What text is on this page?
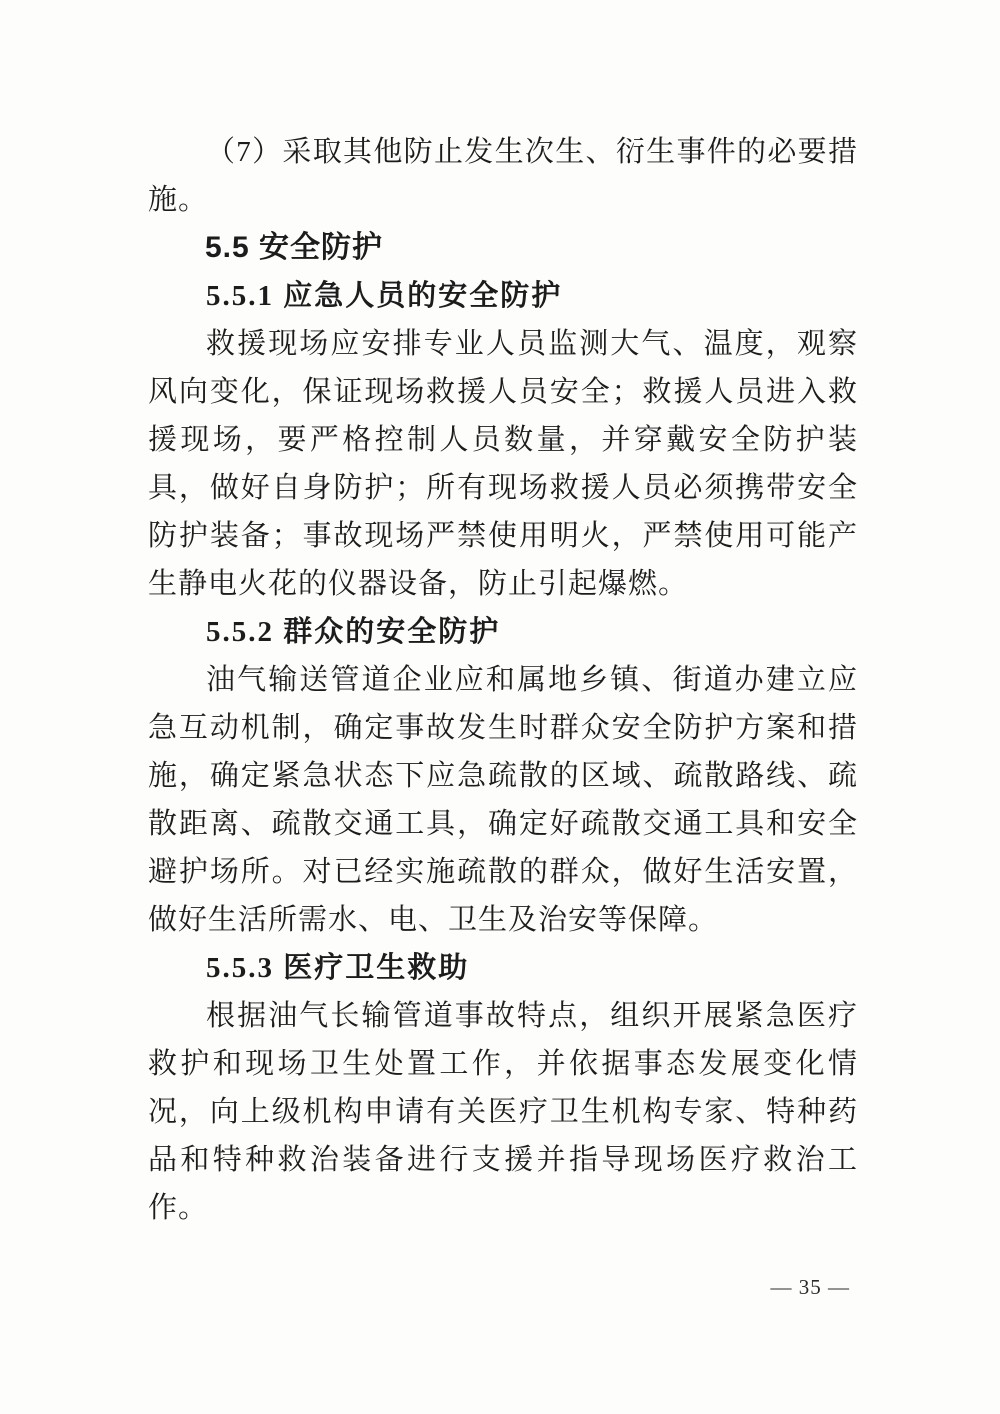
（7）采取其他防止发生次生、衍生事件的必要措施。

5.5 安全防护
5.5.1 应急人员的安全防护

救援现场应安排专业人员监测大气、温度，观察风向变化，保证现场救援人员安全；救援人员进入救援现场，要严格控制人员数量，并穿戴安全防护装具，做好自身防护；所有现场救援人员必须携带安全防护装备；事故现场严禁使用明火，严禁使用可能产生静电火花的仪器设备，防止引起爆燃。

5.5.2 群众的安全防护

油气输送管道企业应和属地乡镇、街道办建立应急互动机制，确定事故发生时群众安全防护方案和措施，确定紧急状态下应急疏散的区域、疏散路线、疏散距离、疏散交通工具，确定好疏散交通工具和安全避护场所。对已经实施疏散的群众，做好生活安置，做好生活所需水、电、卫生及治安等保障。

5.5.3 医疗卫生救助

根据油气长输管道事故特点，组织开展紧急医疗救护和现场卫生处置工作，并依据事态发展变化情况，向上级机构申请有关医疗卫生机构专家、特种药品和特种救治装备进行支援并指导现场医疗救治工作。

— 35 —
